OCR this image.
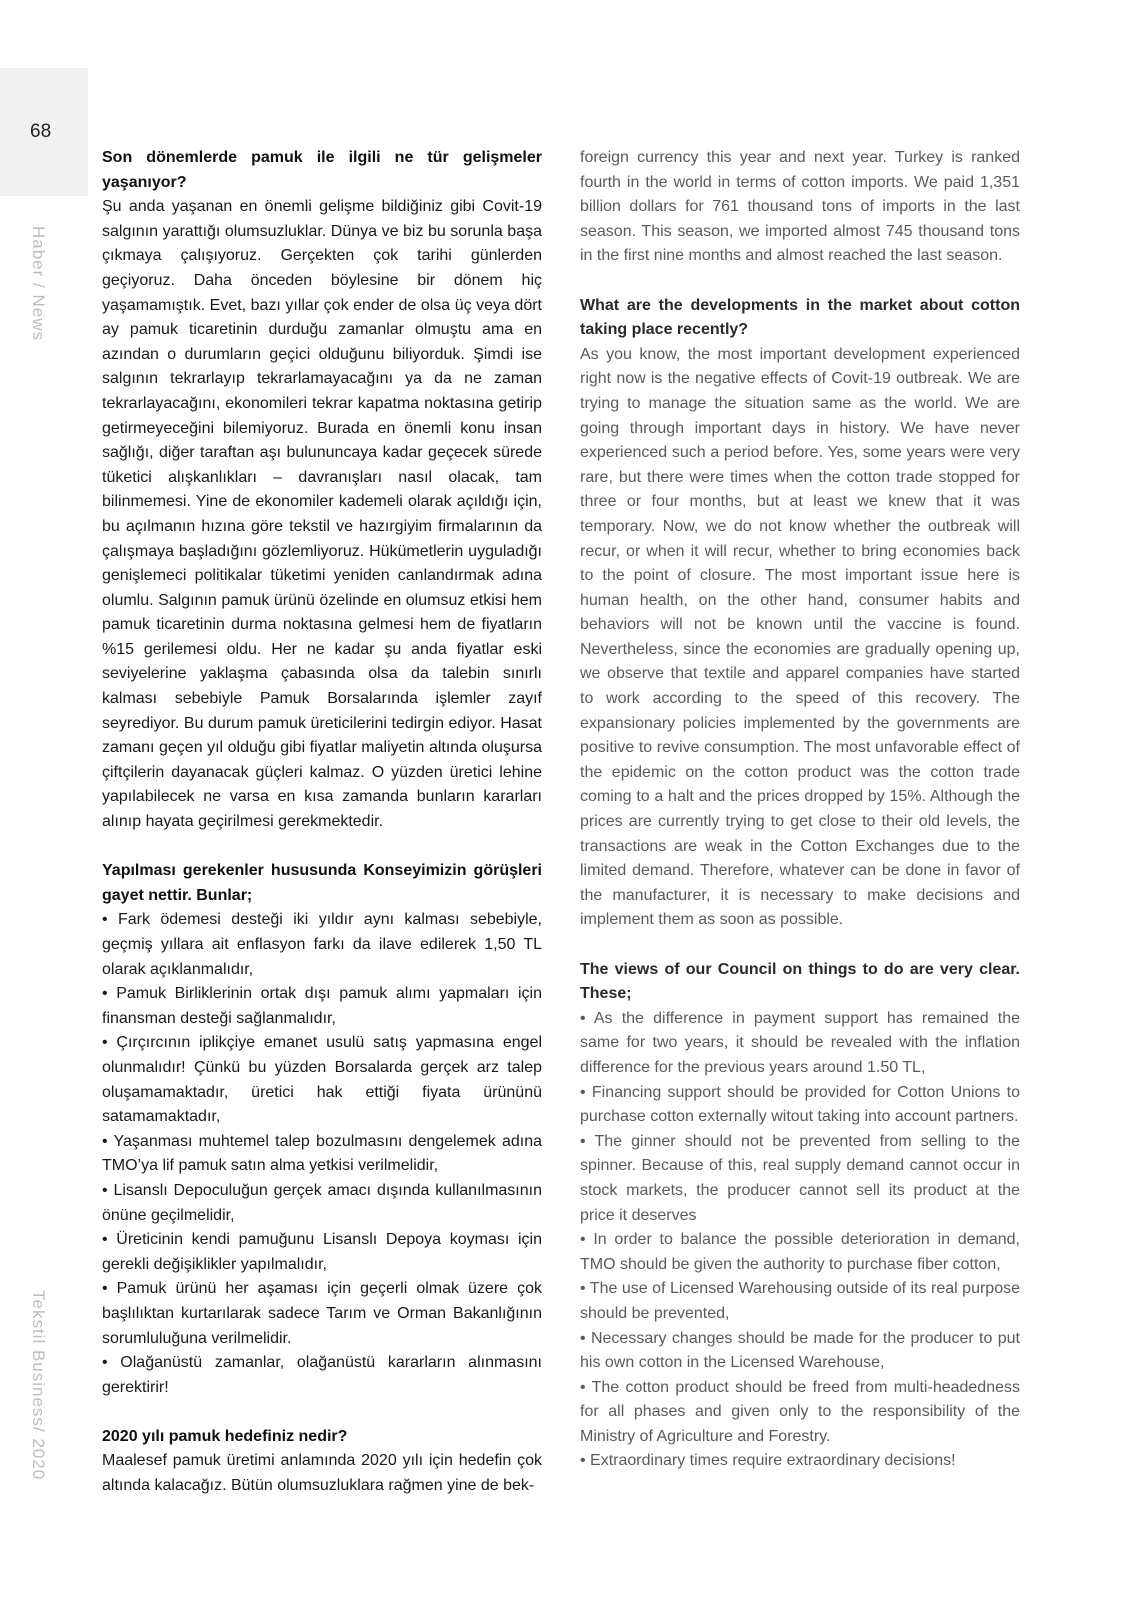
68
Haber / News
Tekstil Business/ 2020
Son dönemlerde pamuk ile ilgili ne tür gelişmeler yaşanıyor?

Şu anda yaşanan en önemli gelişme bildiğiniz gibi Covit-19 salgının yarattığı olumsuzluklar. Dünya ve biz bu sorunla başa çıkmaya çalışıyoruz. Gerçekten çok tarihi günlerden geçiyoruz. Daha önceden böylesine bir dönem hiç yaşamamıştık. Evet, bazı yıllar çok ender de olsa üç veya dört ay pamuk ticaretinin durduğu zamanlar olmuştu ama en azından o durumların geçici olduğunu biliyorduk. Şimdi ise salgının tekrarlayıp tekrarlamayacağını ya da ne zaman tekrarlayacağını, ekonomileri tekrar kapatma noktasına getirip getirmeyeceğini bilemiyoruz. Burada en önemli konu insan sağlığı, diğer taraftan aşı bulununcaya kadar geçecek sürede tüketici alışkanlıkları – davranışları nasıl olacak, tam bilinmemesi. Yine de ekonomiler kademeli olarak açıldığı için, bu açılmanın hızına göre tekstil ve hazırgiyim firmalarının da çalışmaya başladığını gözlemliyoruz. Hükümetlerin uyguladığı genişlemeci politikalar tüketimi yeniden canlandırmak adına olumlu. Salgının pamuk ürünü özelinde en olumsuz etkisi hem pamuk ticaretinin durma noktasına gelmesi hem de fiyatların %15 gerilemesi oldu. Her ne kadar şu anda fiyatlar eski seviyelerine yaklaşma çabasında olsa da talebin sınırlı kalması sebebiyle Pamuk Borsalarında işlemler zayıf seyrediyor. Bu durum pamuk üreticilerini tedirgin ediyor. Hasat zamanı geçen yıl olduğu gibi fiyatlar maliyetin altında oluşursa çiftçilerin dayanacak güçleri kalmaz. O yüzden üretici lehine yapılabilecek ne varsa en kısa zamanda bunların kararları alınıp hayata geçirilmesi gerekmektedir.

Yapılması gerekenler hususunda Konseyimizin görüşleri gayet nettir. Bunlar;

• Fark ödemesi desteği iki yıldır aynı kalması sebebiyle, geçmiş yıllara ait enflasyon farkı da ilave edilerek 1,50 TL olarak açıklanmalıdır,

• Pamuk Birliklerinin ortak dışı pamuk alımı yapmaları için finansman desteği sağlanmalıdır,

• Çırçırcının iplikçiye emanet usulü satış yapmasına engel olunmalıdır! Çünkü bu yüzden Borsalarda gerçek arz talep oluşamamaktadır, üretici hak ettiği fiyata ürününü satamamaktadır,

• Yaşanması muhtemel talep bozulmasını dengelemek adına TMO’ya lif pamuk satın alma yetkisi verilmelidir,

• Lisanslı Depoculuğun gerçek amacı dışında kullanılmasının önüne geçilmelidir,

• Üreticinin kendi pamuğunu Lisanslı Depoya koyması için gerekli değişiklikler yapılmalıdır,

• Pamuk ürünü her aşaması için geçerli olmak üzere çok başlılıktan kurtarılarak sadece Tarım ve Orman Bakanlığının sorumluluğuna verilmelidir.

• Olağanüstü zamanlar, olağanüstü kararların alınmasını gerektirir!

2020 yılı pamuk hedefiniz nedir?

Maalesef pamuk üretimi anlamında 2020 yılı için hedefin çok altında kalacağız. Bütün olumsuzluklara rağmen yine de bek-

foreign currency this year and next year. Turkey is ranked fourth in the world in terms of cotton imports. We paid 1,351 billion dollars for 761 thousand tons of imports in the last season. This season, we imported almost 745 thousand tons in the first nine months and almost reached the last season.

What are the developments in the market about cotton taking place recently?

As you know, the most important development experienced right now is the negative effects of Covit-19 outbreak. We are trying to manage the situation same as the world. We are going through important days in history. We have never experienced such a period before. Yes, some years were very rare, but there were times when the cotton trade stopped for three or four months, but at least we knew that it was temporary. Now, we do not know whether the outbreak will recur, or when it will recur, whether to bring economies back to the point of closure. The most important issue here is human health, on the other hand, consumer habits and behaviors will not be known until the vaccine is found. Nevertheless, since the economies are gradually opening up, we observe that textile and apparel companies have started to work according to the speed of this recovery. The expansionary policies implemented by the governments are positive to revive consumption. The most unfavorable effect of the epidemic on the cotton product was the cotton trade coming to a halt and the prices dropped by 15%. Although the prices are currently trying to get close to their old levels, the transactions are weak in the Cotton Exchanges due to the limited demand. Therefore, whatever can be done in favor of the manufacturer, it is necessary to make decisions and implement them as soon as possible.

The views of our Council on things to do are very clear. These;

• As the difference in payment support has remained the same for two years, it should be revealed with the inflation difference for the previous years around 1.50 TL,

• Financing support should be provided for Cotton Unions to purchase cotton externally witout taking into account partners.

• The ginner should not be prevented from selling to the spinner. Because of this, real supply demand cannot occur in stock markets, the producer cannot sell its product at the price it deserves

• In order to balance the possible deterioration in demand, TMO should be given the authority to purchase fiber cotton,

• The use of Licensed Warehousing outside of its real purpose should be prevented,

• Necessary changes should be made for the producer to put his own cotton in the Licensed Warehouse,

• The cotton product should be freed from multi-headedness for all phases and given only to the responsibility of the Ministry of Agriculture and Forestry.

• Extraordinary times require extraordinary decisions!
